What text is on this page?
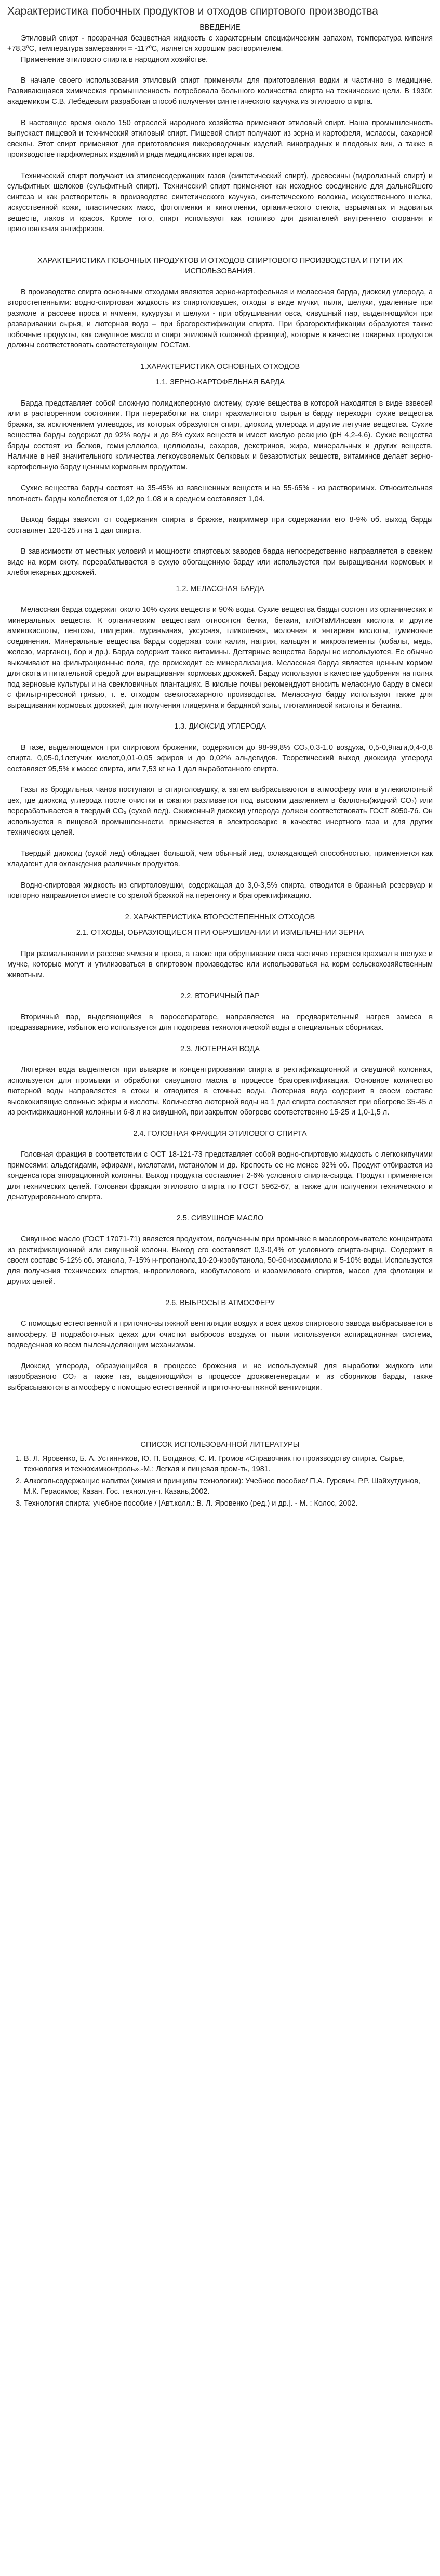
Характеристика побочных продуктов и отходов спиртового производства

ВВЕДЕНИЕ

Этиловый спирт - прозрачная безцветная жидкость с характерным специфическим запахом, температура кипения +78,3ºС, температура замерзания = -117ºС, является хорошим растворителем.

Применение этилового спирта в народном хозяйстве.

В начале своего использования этиловый спирт применяли для приготовления водки и частично в медицине. Развивающаяся химическая промышленность потребовала большого количества спирта на технические цели. В 1930г. академиком С.В. Лебедевым разработан способ получения синтетического каучука из этилового спирта.

В настоящее время около 150 отраслей народного хозяйства применяют этиловый спирт. Наша промышленность выпускает пищевой и технический этиловый спирт. Пищевой спирт получают из зерна и картофеля, мелассы, сахарной свеклы. Этот спирт применяют для приготовления ликероводочных изделий, виноградных и плодовых вин, а также в производстве парфюмерных изделий и ряда медицинских препаратов.

Технический спирт получают из этиленсодержащих газов (синтетический спирт), древесины (гидролизный спирт) и сульфитных щелоков (сульфитный спирт). Технический спирт применяют как исходное соединение для дальнейшего синтеза и как растворитель в производстве синтетического каучука, синтетического волокна, искусственного шелка, искусственной кожи, пластических масс, фотопленки и кинопленки, органического стекла, взрывчатых и ядовитых веществ, лаков и красок. Кроме того, спирт используют как топливо для двигателей внутреннего сгорания и приготовления антифризов.

ХАРАКТЕРИСТИКА ПОБОЧНЫХ ПРОДУКТОВ И ОТХОДОВ СПИРТОВОГО ПРОИЗВОДСТВА И ПУТИ ИХ ИСПОЛЬЗОВАНИЯ.

В производстве спирта основными отходами являются зерно-картофельная и мелассная барда, диоксид углерода, а второстепенными: водно-спиртовая жидкость из спиртоловушек, отходы в виде мучки, пыли, шелухи, удаленные при размоле и рассеве проса и ячменя, кукурузы и шелухи - при обрушивании овса, сивушный пар, выделяющийся при разваривании сырья, и лютерная вода – при брагоректификации спирта. При брагоректификации образуются также побочные продукты, как сивушное масло и спирт этиловый головной фракции), которые в качестве товарных продуктов должны соответствовать соответствующим ГОСТам.

1.ХАРАКТЕРИСТИКА ОСНОВНЫХ ОТХОДОВ

1.1. ЗЕРНО-КАРТОФЕЛЬНАЯ БАРДА

Барда представляет собой сложную полидисперсную систему, сухие вещества в которой находятся в виде взвесей или в растворенном состоянии. При переработки на спирт крахмалистого сырья в барду переходят сухие вещества бражки, за исключением углеводов, из которых образуются спирт, диоксид углерода и другие летучие вещества. Сухие вещества барды содержат до 92% воды и до 8% сухих веществ и имеет кислую реакцию (рН 4,2-4,6). Сухие вещества барды состоят из белков, гемицеллюлоз, целлюлозы, сахаров, декстринов, жира, минеральных и других веществ. Наличие в ней значительного количества легкоусвояемых белковых и безазотистых веществ, витаминов делает зерно-картофельную барду ценным кормовым продуктом.

Сухие вещества барды состоят на 35-45% из взвешенных веществ и на 55-65% - из растворимых. Относительная плотность барды колеблется от 1,02 до 1,08 и в среднем составляет 1,04.

Выход барды зависит от содержания спирта в бражке, наприммер при содержании его 8-9% об. выход барды составляет 120-125 л на 1 дал спирта.

В зависимости от местных условий и мощности спиртовых заводов барда непосредственно направляется в свежем виде на корм скоту, перерабатывается в сухую обогащенную барду или используется при выращивании кормовых и хлебопекарных дрожжей.

1.2. МЕЛАССНАЯ БАРДА

Мелассная барда содержит около 10% сухих веществ и 90% воды. Сухие вещества барды состоят из органических и минеральных веществ. К органическим веществам относятся белки, бетаин, глЮТаМИновая кислота и другие аминокислоты, пентозы, глицерин, муравьиная, уксусная, гликолевая, молочная и янтарная кислоты, гуминовые соединения. Минеральные вещества барды содержат соли калия, натрия, кальция и микроэлементы (кобальт, медь, железо, марганец, бор и др.). Барда содержит также витамины. Дегтярные вещества барды не используются. Ее обычно выкачивают на фильтрационные поля, где происходит ее минерализация. Мелассная барда является ценным кормом для скота и питательной средой для выращивания кормовых дрожжей. Барду используют в качестве удобрения на полях под зерновые культуры и на свекловичных плантациях. В кислые почвы рекомендуют вносить мелассную барду в смеси с фильтр-прессной грязью, т. е. отходом свеклосахарного производства. Мелассную барду используют также для выращивания кормовых дрожжей, для получения глицерина и бардяной золы, глютаминовой кислоты и бетаина.

1.3. ДИОКСИД УГЛЕРОДА

В газе, выделяющемся при спиртовом брожении, содержится до 98-99,8% СО₂,0.3-1.0 воздуха, 0,5-0,9паги,0,4-0,8 спирта, 0,05-0,1летучих кислот,0,01-0,05 эфиров и до 0,02% альдегидов. Теоретический выход диоксида углерода составляет 95,5% к массе спирта, или 7,53 кг на 1 дал выработанного спирта.

Газы из бродильных чанов поступают в спиртоловушку, а затем выбрасываются в атмосферу или в углекислотный цех, где диоксид углерода после очистки и сжатия разливается под высоким давлением в баллоны(жидкий СО₂) или перерабатывается в твердый СО₂ (сухой лед). Сжиженный диоксид углерода должен соответствовать ГОСТ 8050-76. Он используется в пищевой промышленности, применяется в электросварке в качестве инертного газа и для других технических целей.

Твердый диоксид (сухой лед) обладает большой, чем обычный лед, охлаждающей способностью, применяется как хладагент для охлаждения различных продуктов.

Водно-спиртовая жидкость из спиртоловушки, содержащая до 3,0-3,5% спирта, отводится в бражный резервуар и повторно направляется вместе со зрелой бражкой на перегонку и брагоректификацию.

2. ХАРАКТЕРИСТИКА ВТОРОСТЕПЕННЫХ ОТХОДОВ

2.1. ОТХОДЫ, ОБРАЗУЮЩИЕСЯ ПРИ ОБРУШИВАНИИ И ИЗМЕЛЬЧЕНИИ ЗЕРНА

При размалывании и рассеве ячменя и проса, а также при обрушивании овса частично теряется крахмал в шелухе и мучке, которые могут и утилизоваться в спиртовом производстве или использоваться на корм сельскохозяйственным животным.

2.2. ВТОРИЧНЫЙ ПАР

Вторичный пар, выделяющийся в паросепараторе, направляется на предварительный нагрев замеса в предразварнике, избыток его используется для подогрева технологической воды в специальных сборниках.

2.3. ЛЮТЕРНАЯ ВОДА

Лютерная вода выделяется при выварке и концентрировании спирта в ректификационной и сивушной колоннах, используется для промывки и обработки сивушного масла в процессе брагоректификации. Основное количество лютерной воды направляется в стоки и отводится в сточные воды. Лютерная вода содержит в своем составе высококипящие сложные эфиры и кислоты. Количество лютерной воды на 1 дал спирта составляет при обогреве 35-45 л из ректификационной колонны и 6-8 л из сивушной, при закрытом обогреве соответственно 15-25 и 1,0-1,5 л.

2.4. ГОЛОВНАЯ ФРАКЦИЯ ЭТИЛОВОГО СПИРТА

Головная фракция в соответствии с ОСТ 18-121-73 представляет собой водно-спиртовую жидкость с легкокипучими примесями: альдегидами, эфирами, кислотами, метанолом и др. Крепость ее не менее 92% об. Продукт отбирается из конденсатора эпюрационной колонны. Выход продукта составляет 2-6% условного спирта-сырца. Продукт применяется для технических целей. Головная фракция этилового спирта по ГОСТ 5962-67, а также для получения технического и денатурированного спирта.

2.5. СИВУШНОЕ МАСЛО

Сивушное масло (ГОСТ 17071-71) является продуктом, полученным при промывке в маслопромывателе концентрата из ректификационной или сивушной колонн. Выход его составляет 0,3-0,4% от условного спирта-сырца. Содержит в своем составе 5-12% об. этанола, 7-15% н-пропанола,10-20-изобутанола, 50-60-изоамилола и 5-10% воды. Используется для получения технических спиртов, н-пропилового, изобутилового и изоамилового спиртов, масел для флотации и других целей.

2.6. ВЫБРОСЫ В АТМОСФЕРУ

С помощью естественной и приточно-вытяжной вентиляции воздух и всех цехов спиртового завода выбрасывается в атмосферу. В подработочных цехах для очистки выбросов воздуха от пыли используется аспирационная система, подведенная ко всем пылевыделяющим механизмам.

Диоксид углерода, образующийся в процессе брожения и не используемый для выработки жидкого или газообразного СО₂ а также газ, выделяющийся в процессе дрожжегенерации и из сборников барды, также выбрасываются в атмосферу с помощью естественной и приточно-вытяжной вентиляции.

СПИСОК ИСПОЛЬЗОВАННОЙ ЛИТЕРАТУРЫ

1. В. Л. Яровенко, Б. А. Устинников, Ю. П. Богданов, С. И. Громов «Справочник по производству спирта. Сырье, технология и технохимконтроль».-М.: Легкая и пищевая пром-ть, 1981.
2. Алкогольсодержащие напитки (химия и принципы технологии): Учебное пособие/ П.А. Гуревич, Р.Р. Шайхутдинов, М.К. Герасимов; Казан. Гос. технол.ун-т. Казань,2002.
3. Технология спирта: учебное пособие / [Авт.колл.: В. Л. Яровенко (ред.) и др.]. - М. : Колос, 2002.
